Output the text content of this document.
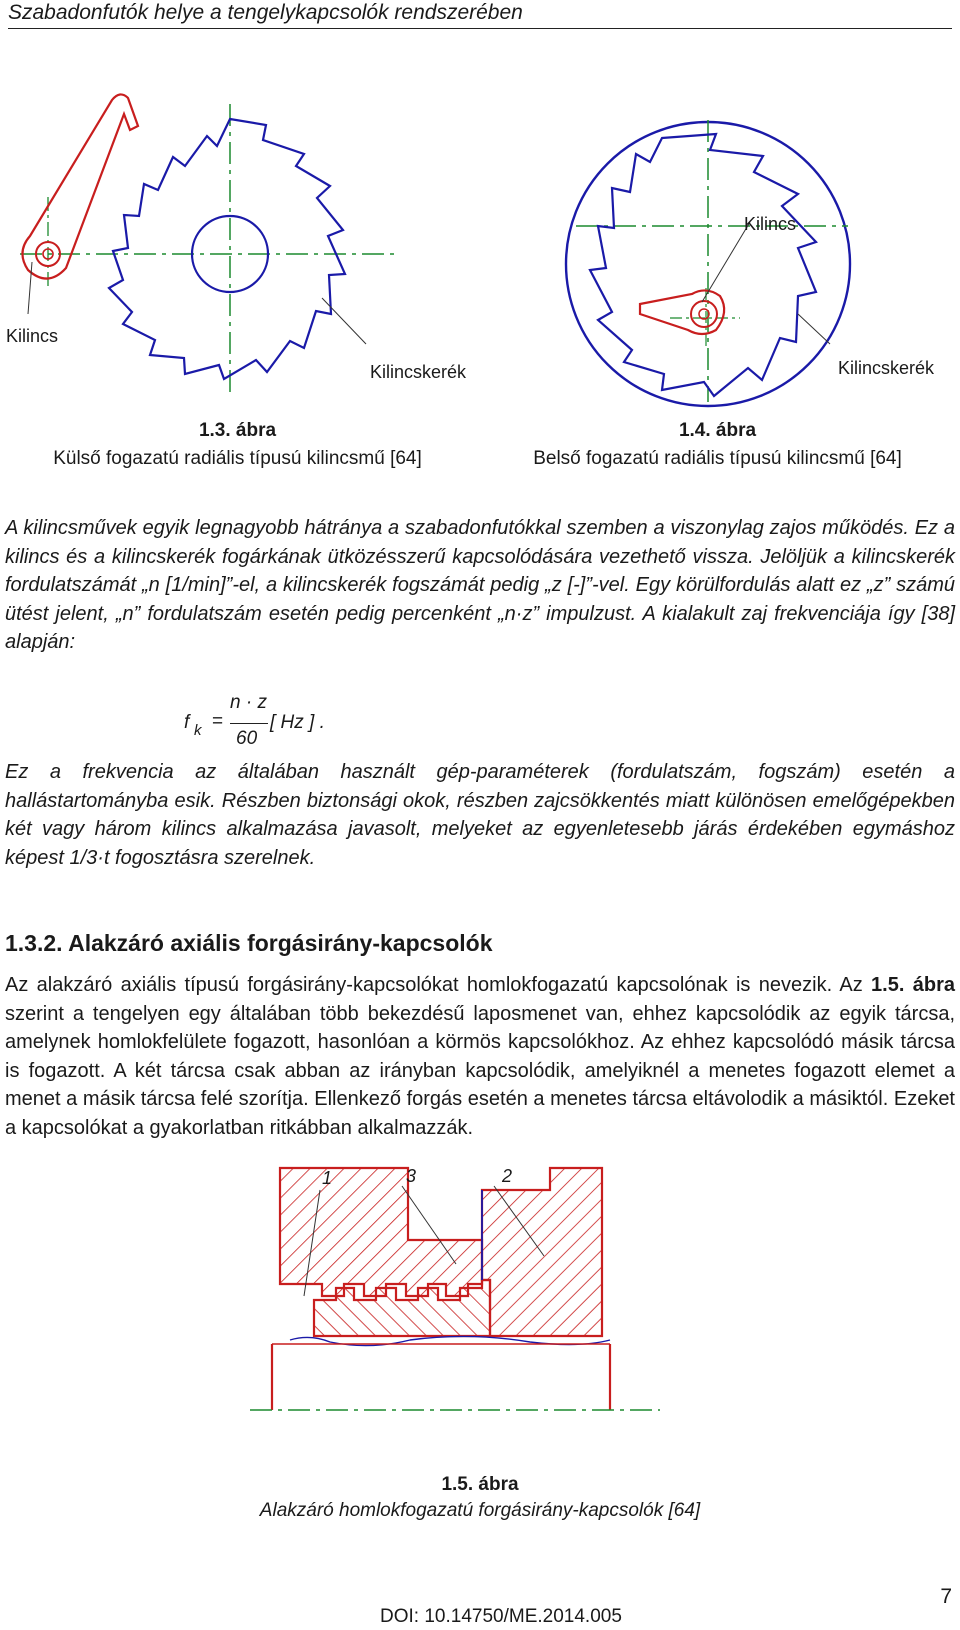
Szabadonfutók helye a tengelykapcsolók rendszerében
Kilincs
Kilincskerék
Kilincs
Kilincskerék
1.3. ábra
Külső fogazatú radiális típusú kilincsmű [64]
1.4. ábra
Belső fogazatú radiális típusú kilincsmű [64]
A kilincsművek egyik legnagyobb hátránya a szabadonfutókkal szemben a viszonylag zajos működés. Ez a kilincs és a kilincskerék fogárkának ütközésszerű kapcsolódására vezethető vissza. Jelöljük a kilincskerék fordulatszámát „n [1/min]”-el, a kilincskerék fogszámát pedig „z [-]”-vel. Egy körülfordulás alatt ez „z” számú ütést jelent, „n” fordulatszám esetén pedig percenként „n·z” impulzust. A kialakult zaj frekvenciája így [38] alapján:
f k =
n · z
60
[ Hz ] .
Ez a frekvencia az általában használt gép-paraméterek (fordulatszám, fogszám) esetén a hallástartományba esik. Részben biztonsági okok, részben zajcsökkentés miatt különösen emelőgépekben két vagy három kilincs alkalmazása javasolt, melyeket az egyenletesebb járás érdekében egymáshoz képest 1/3·t fogosztásra szerelnek.
1.3.2. Alakzáró axiális forgásirány-kapcsolók
Az alakzáró axiális típusú forgásirány-kapcsolókat homlokfogazatú kapcsolónak is nevezik. Az 1.5. ábra szerint a tengelyen egy általában több bekezdésű laposmenet van, ehhez kapcsolódik az egyik tárcsa, amelynek homlokfelülete fogazott, hasonlóan a körmös kapcsolókhoz. Az ehhez kapcsolódó másik tárcsa is fogazott. A két tárcsa csak abban az irányban kapcsolódik, amelyiknél a menetes fogazott elemet a menet a másik tárcsa felé szorítja. Ellenkező forgás esetén a menetes tárcsa eltávolodik a másiktól. Ezeket a kapcsolókat a gyakorlatban ritkábban alkalmazzák.
1	3	2
1.5. ábra
Alakzáró homlokfogazatú forgásirány-kapcsolók [64]
7
DOI: 10.14750/ME.2014.005
